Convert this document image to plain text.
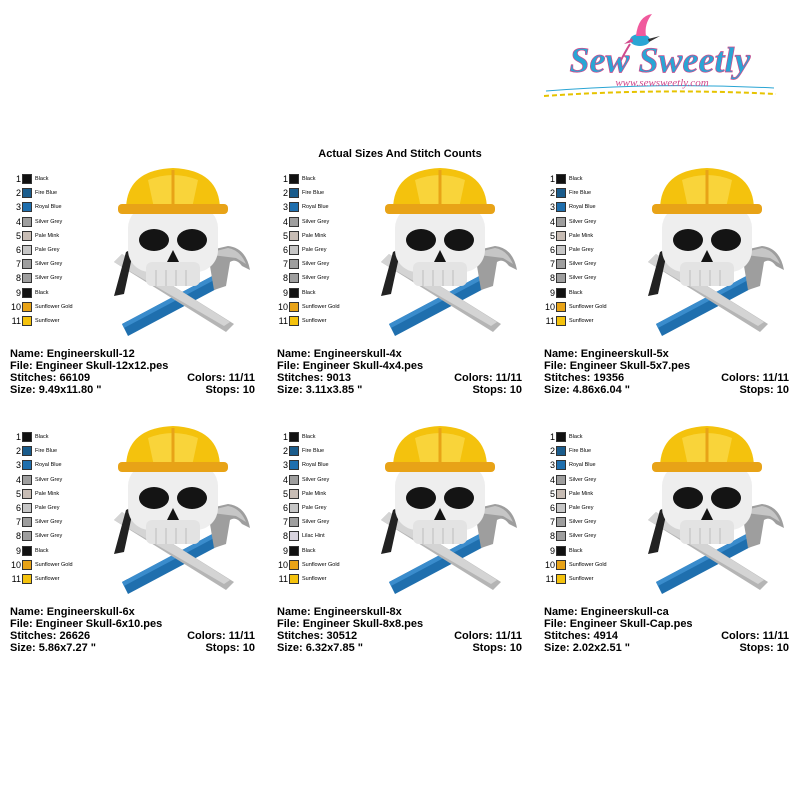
Sew Sweetly
www.sewsweetly.com
Actual Sizes And Stitch Counts
1	Black
2	Fire Blue
3	Royal Blue
4	Silver Grey
5	Pale Mink
6	Pale Grey
7	Silver Grey
8	Silver Grey
9	Black
10	Sunflower Gold
11	Sunflower
Name: Engineerskull-12
File: Engineer Skull-12x12.pes
Stitches: 66109	Colors: 11/11
Size: 9.49x11.80 "	Stops: 10
1	Black
2	Fire Blue
3	Royal Blue
4	Silver Grey
5	Pale Mink
6	Pale Grey
7	Silver Grey
8	Silver Grey
9	Black
10	Sunflower Gold
11	Sunflower
Name: Engineerskull-4x
File: Engineer Skull-4x4.pes
Stitches: 9013	Colors: 11/11
Size: 3.11x3.85 "	Stops: 10
1	Black
2	Fire Blue
3	Royal Blue
4	Silver Grey
5	Pale Mink
6	Pale Grey
7	Silver Grey
8	Silver Grey
9	Black
10	Sunflower Gold
11	Sunflower
Name: Engineerskull-5x
File: Engineer Skull-5x7.pes
Stitches: 19356	Colors: 11/11
Size: 4.86x6.04 "	Stops: 10
1	Black
2	Fire Blue
3	Royal Blue
4	Silver Grey
5	Pale Mink
6	Pale Grey
7	Silver Grey
8	Silver Grey
9	Black
10	Sunflower Gold
11	Sunflower
Name: Engineerskull-6x
File: Engineer Skull-6x10.pes
Stitches: 26626	Colors: 11/11
Size: 5.86x7.27 "	Stops: 10
1	Black
2	Fire Blue
3	Royal Blue
4	Silver Grey
5	Pale Mink
6	Pale Grey
7	Silver Grey
8	Lilac Hint
9	Black
10	Sunflower Gold
11	Sunflower
Name: Engineerskull-8x
File: Engineer Skull-8x8.pes
Stitches: 30512	Colors: 11/11
Size: 6.32x7.85 "	Stops: 10
1	Black
2	Fire Blue
3	Royal Blue
4	Silver Grey
5	Pale Mink
6	Pale Grey
7	Silver Grey
8	Silver Grey
9	Black
10	Sunflower Gold
11	Sunflower
Name: Engineerskull-ca
File: Engineer Skull-Cap.pes
Stitches: 4914	Colors: 11/11
Size: 2.02x2.51 "	Stops: 10
